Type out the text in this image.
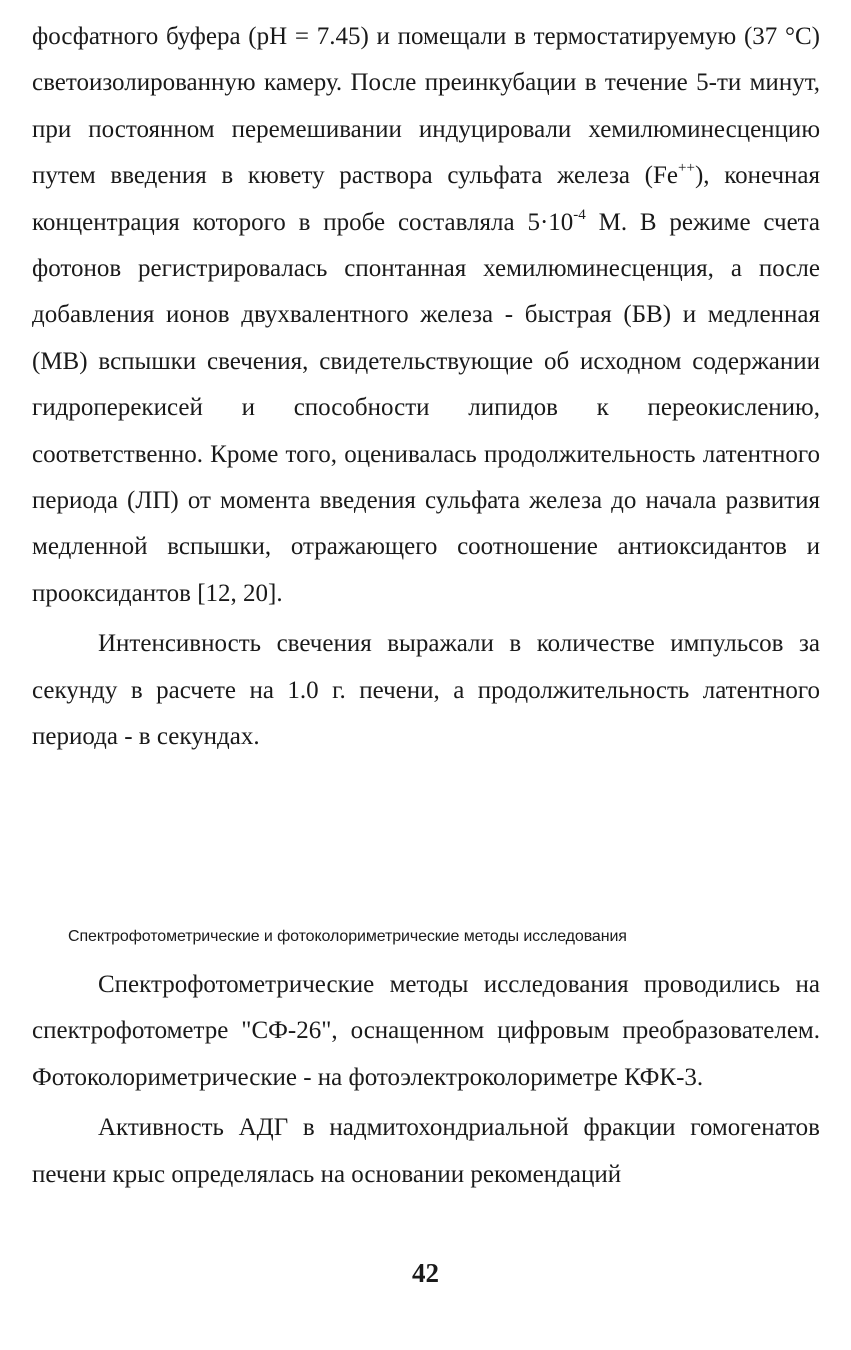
фосфатного буфера (pH = 7.45) и помещали в термостатируемую (37 °С) светоизолированную камеру. После преинкубации в течение 5-ти минут, при постоянном перемешивании индуцировали хемилюминесценцию путем введения в кювету раствора сульфата железа (Fe++), конечная концентрация которого в пробе составляла $5\cdot 10^{-4}$ М. В режиме счета фотонов регистрировалась спонтанная хемилюминесценция, а после добавления ионов двухвалентного железа - быстрая (БВ) и медленная (МВ) вспышки свечения, свидетельствующие об исходном содержании гидроперекисей и способности липидов к переокислению, соответственно. Кроме того, оценивалась продолжительность латентного периода (ЛП) от момента введения сульфата железа до начала развития медленной вспышки, отражающего соотношение антиоксидантов и прооксидантов [12, 20].

Интенсивность свечения выражали в количестве импульсов за секунду в расчете на 1.0 г. печени, а продолжительность латентного периода - в секундах.

Спектрофотометрические и фотоколориметрические методы исследования

Спектрофотометрические методы исследования проводились на спектрофотометре "СФ-26", оснащенном цифровым преобразователем. Фотоколориметрические - на фотоэлектроколориметре КФК-3.

Активность АДГ в надмитохондриальной фракции гомогенатов печени крыс определялась на основании рекомендаций

42
